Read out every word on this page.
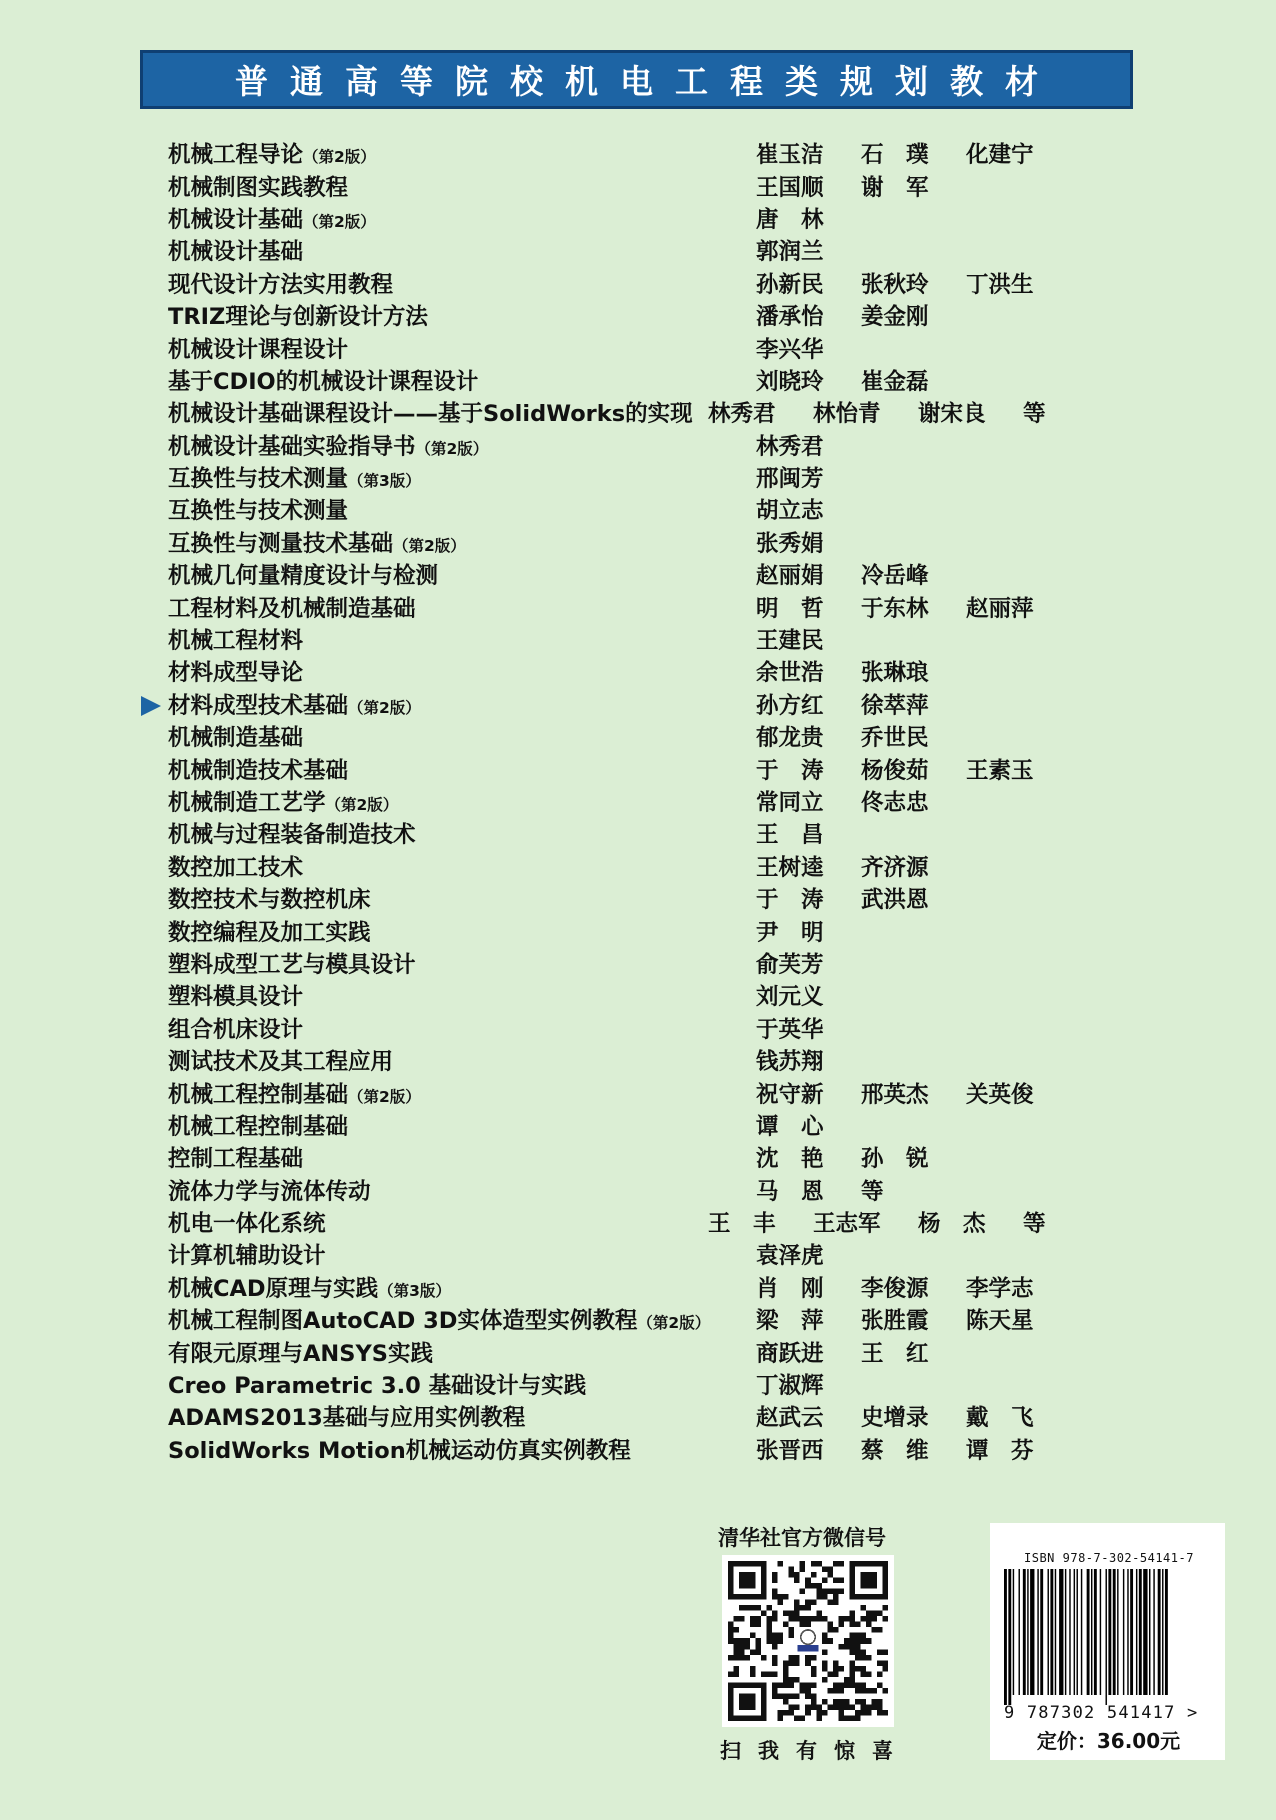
普通高等院校机电工程类规划教材
机械工程导论（第2版）	崔玉洁	石　璞	化建宁
机械制图实践教程	王国顺	谢　军
机械设计基础（第2版）	唐　林
机械设计基础	郭润兰
现代设计方法实用教程	孙新民	张秋玲	丁洪生
TRIZ理论与创新设计方法	潘承怡	姜金刚
机械设计课程设计	李兴华
基于CDIO的机械设计课程设计	刘晓玲	崔金磊
机械设计基础课程设计——基于SolidWorks的实现 林秀君	林怡青	谢宋良	等
机械设计基础实验指导书（第2版）	林秀君
互换性与技术测量（第3版）	邢闽芳
互换性与技术测量	胡立志
互换性与测量技术基础（第2版）	张秀娟
机械几何量精度设计与检测	赵丽娟	冷岳峰
工程材料及机械制造基础	明　哲	于东林	赵丽萍
机械工程材料	王建民
材料成型导论	余世浩	张琳琅
材料成型技术基础（第2版）	孙方红	徐萃萍
机械制造基础	郁龙贵	乔世民
机械制造技术基础	于　涛	杨俊茹	王素玉
机械制造工艺学（第2版）	常同立	佟志忠
机械与过程装备制造技术	王　昌
数控加工技术	王树逵	齐济源
数控技术与数控机床	于　涛	武洪恩
数控编程及加工实践	尹　明
塑料成型工艺与模具设计	俞芙芳
塑料模具设计	刘元义
组合机床设计	于英华
测试技术及其工程应用	钱苏翔
机械工程控制基础（第2版）	祝守新	邢英杰	关英俊
机械工程控制基础	谭　心
控制工程基础	沈　艳	孙　锐
流体力学与流体传动	马　恩	等
机电一体化系统	王　丰	王志军	杨　杰	等
计算机辅助设计	袁泽虎
机械CAD原理与实践（第3版）	肖　刚	李俊源	李学志
机械工程制图AutoCAD 3D实体造型实例教程（第2版）	梁　萍	张胜霞	陈天星
有限元原理与ANSYS实践	商跃进	王　红
Creo Parametric 3.0 基础设计与实践	丁淑辉
ADAMS2013基础与应用实例教程	赵武云	史增录	戴　飞
SolidWorks Motion机械运动仿真实例教程	张晋西	蔡　维	谭　芬
清华社官方微信号
扫我有惊喜
ISBN 978-7-302-54141-7
9 787302 541417 >
定价：36.00元
